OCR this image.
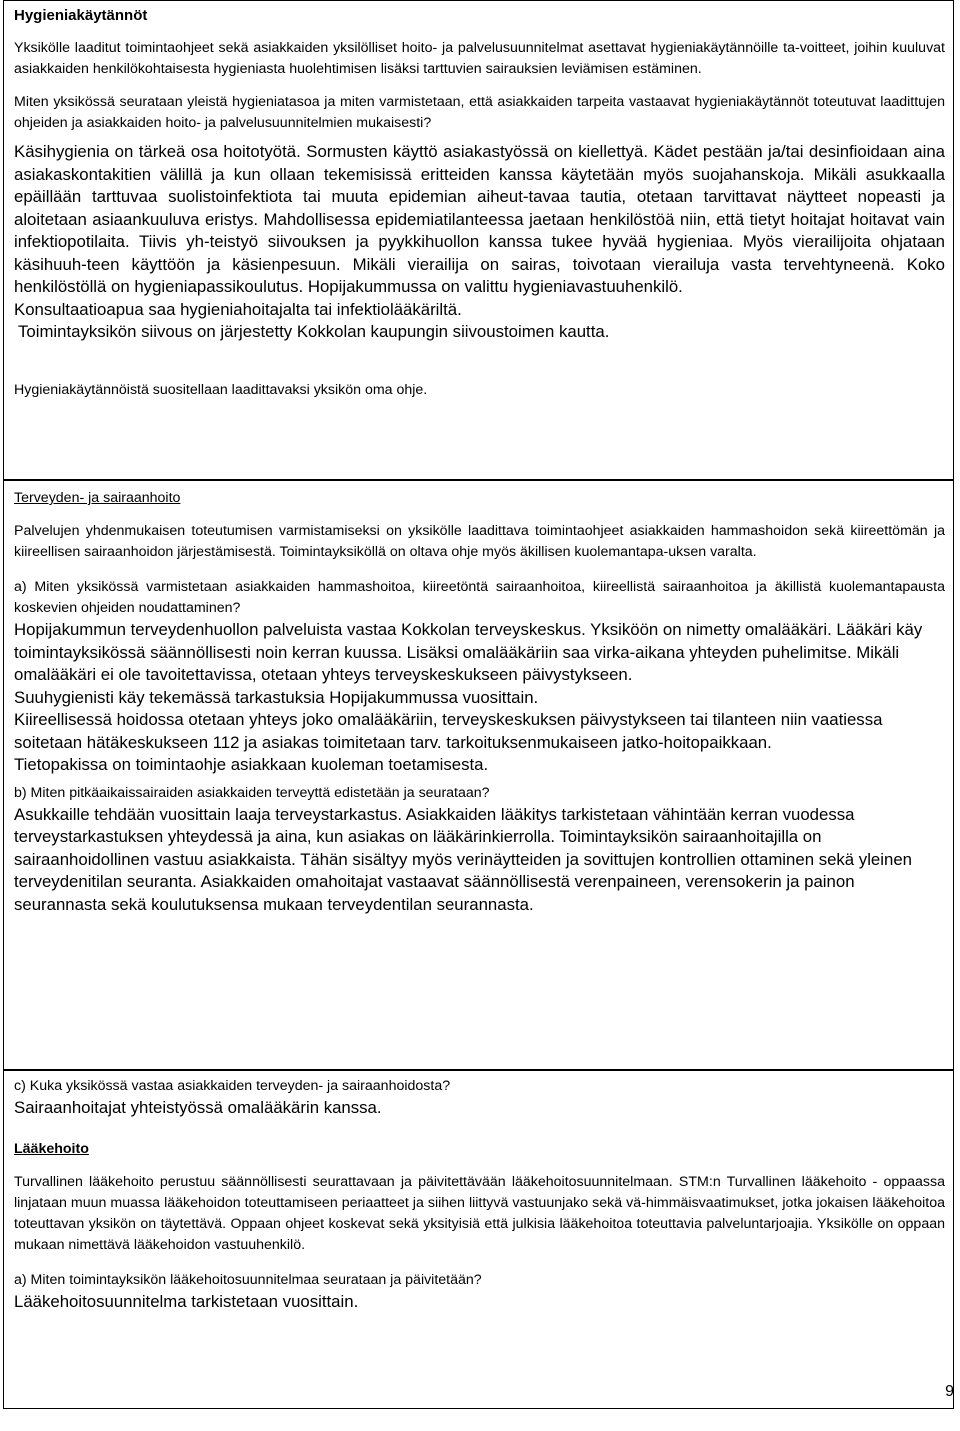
Hygieniakäytännöt

Yksikölle laaditut toimintaohjeet sekä asiakkaiden yksilölliset hoito- ja palvelusuunnitelmat asettavat hygieniakäytännöille ta-voitteet, joihin kuuluvat asiakkaiden henkilökohtaisesta hygieniasta huolehtimisen lisäksi tarttuvien sairauksien leviämisen estäminen.

Miten yksikössä seurataan yleistä hygieniatasoa ja miten varmistetaan, että asiakkaiden tarpeita vastaavat hygieniakäytännöt toteutuvat laadittujen ohjeiden ja asiakkaiden hoito- ja palvelusuunnitelmien mukaisesti?

Käsihygienia on tärkeä osa hoitotyötä. Sormusten käyttö asiakastyössä on kiellettyä. Kädet pestään ja/tai desinfioidaan aina asiakaskontakitien välillä ja kun ollaan tekemisissä eritteiden kanssa käytetään myös suojahanskoja. Mikäli asukkaalla epäillään tarttuvaa suolistoinfektiota tai muuta epidemian aiheut-tavaa tautia, otetaan tarvittavat näytteet nopeasti ja aloitetaan asiaankuuluva eristys. Mahdollisessa epidemiatilanteessa jaetaan henkilöstöä niin, että tietyt hoitajat hoitavat vain infektiopotilaita. Tiivis yh-teistyö siivouksen ja pyykkihuollon kanssa tukee hyvää hygieniaa. Myös vierailijoita ohjataan käsihuuh-teen käyttöön ja käsienpesuun. Mikäli vierailija on sairas, toivotaan vierailuja vasta tervehtyneenä. Koko henkilöstöllä on hygieniapassikoulutus. Hopijakummussa on valittu hygieniavastuuhenkilö.

Konsultaatioapua saa hygieniahoitajalta tai infektiolääkäriltä.

Toimintayksikön siivous on järjestetty Kokkolan kaupungin siivoustoimen kautta.

Hygieniakäytännöistä suositellaan laadittavaksi yksikön oma ohje.

Terveyden- ja sairaanhoito

Palvelujen yhdenmukaisen toteutumisen varmistamiseksi on yksikölle laadittava toimintaohjeet asiakkaiden hammashoidon sekä kiireettömän ja kiireellisen sairaanhoidon järjestämisestä. Toimintayksiköllä on oltava ohje myös äkillisen kuolemantapa-uksen varalta.

a) Miten yksikössä varmistetaan asiakkaiden hammashoitoa, kiireetöntä sairaanhoitoa, kiireellistä sairaanhoitoa ja äkillistä kuolemantapausta koskevien ohjeiden noudattaminen?

Hopijakummun terveydenhuollon palveluista vastaa Kokkolan terveyskeskus. Yksiköön on nimetty omalääkäri. Lääkäri käy toimintayksikössä säännöllisesti noin kerran kuussa. Lisäksi omalääkäriin saa virka-aikana yhteyden puhelimitse. Mikäli omalääkäri ei ole tavoitettavissa, otetaan yhteys terveyskeskukseen päivystykseen.

Suuhygienisti käy tekemässä tarkastuksia Hopijakummussa vuosittain.

Kiireellisessä hoidossa otetaan yhteys joko omalääkäriin, terveyskeskuksen päivystykseen tai tilanteen niin vaatiessa soitetaan hätäkeskukseen 112 ja asiakas toimitetaan tarv. tarkoituksenmukaiseen jatko-hoitopaikkaan.

Tietopakissa on toimintaohje asiakkaan kuoleman toetamisesta.

b) Miten pitkäaikaissairaiden asiakkaiden terveyttä edistetään ja seurataan?

Asukkaille tehdään vuosittain laaja terveystarkastus. Asiakkaiden lääkitys tarkistetaan vähintään kerran vuodessa terveystarkastuksen yhteydessä ja aina, kun asiakas on lääkärinkierrolla. Toimintayksikön sairaanhoitajilla on sairaanhoidollinen vastuu asiakkaista. Tähän sisältyy myös verinäytteiden ja sovittujen kontrollien ottaminen sekä yleinen terveydenitilan seuranta. Asiakkaiden omahoitajat vastaavat säännöllisestä verenpaineen, verensokerin ja painon seurannasta sekä koulutuksensa mukaan terveydentilan seurannasta.

c) Kuka yksikössä vastaa asiakkaiden terveyden- ja sairaanhoidosta?

Sairaanhoitajat yhteistyössä omalääkärin kanssa.

Lääkehoito

Turvallinen lääkehoito perustuu säännöllisesti seurattavaan ja päivitettävään lääkehoitosuunnitelmaan. STM:n Turvallinen lääkehoito - oppaassa linjataan muun muassa lääkehoidon toteuttamiseen periaatteet ja siihen liittyvä vastuunjako sekä vä-himmäisvaatimukset, jotka jokaisen lääkehoitoa toteuttavan yksikön on täytettävä. Oppaan ohjeet koskevat sekä yksityisiä että julkisia lääkehoitoa toteuttavia palveluntarjoajia. Yksikölle on oppaan mukaan nimettävä lääkehoidon vastuuhenkilö.

a) Miten toimintayksikön lääkehoitosuunnitelmaa seurataan ja päivitetään?

Lääkehoitosuunnitelma tarkistetaan vuosittain.

9
